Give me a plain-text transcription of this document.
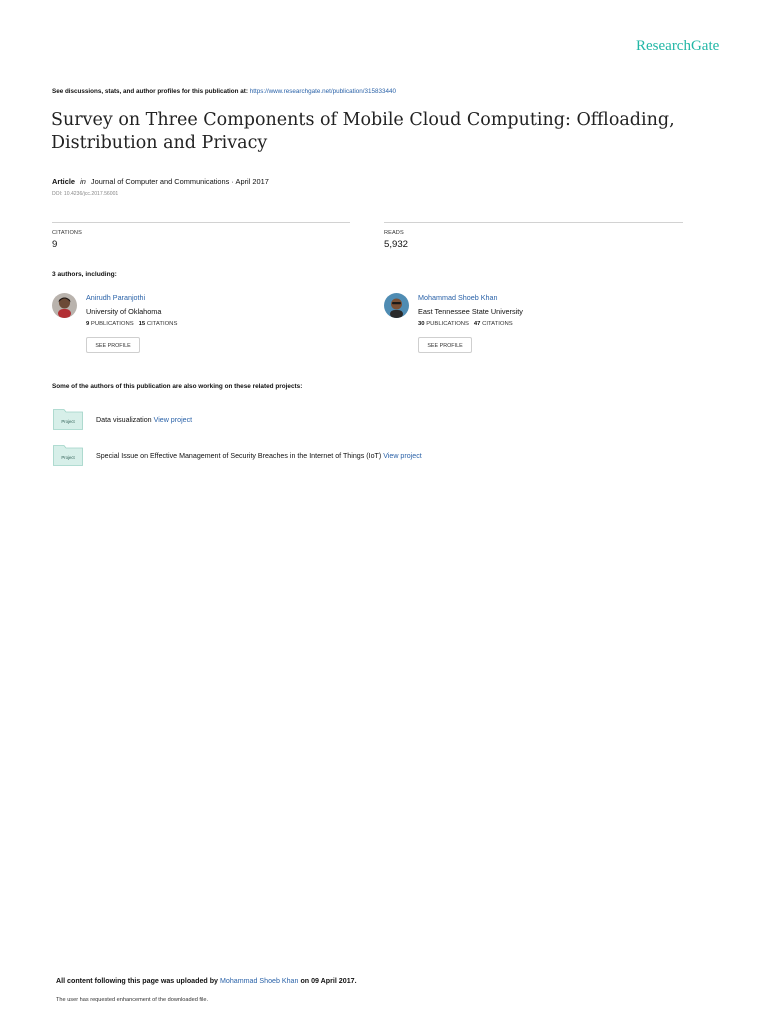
ResearchGate
See discussions, stats, and author profiles for this publication at: https://www.researchgate.net/publication/315833440
Survey on Three Components of Mobile Cloud Computing: Offloading, Distribution and Privacy
Article in Journal of Computer and Communications · April 2017
DOI: 10.4236/jcc.2017.56001
CITATIONS
9
READS
5,932
3 authors, including:
Anirudh Paranjothi
University of Oklahoma
9 PUBLICATIONS 15 CITATIONS
SEE PROFILE
Mohammad Shoeb Khan
East Tennessee State University
30 PUBLICATIONS 47 CITATIONS
SEE PROFILE
Some of the authors of this publication are also working on these related projects:
Project	Data visualization View project
Project	Special Issue on Effective Management of Security Breaches in the Internet of Things (IoT) View project
All content following this page was uploaded by Mohammad Shoeb Khan on 09 April 2017.
The user has requested enhancement of the downloaded file.
